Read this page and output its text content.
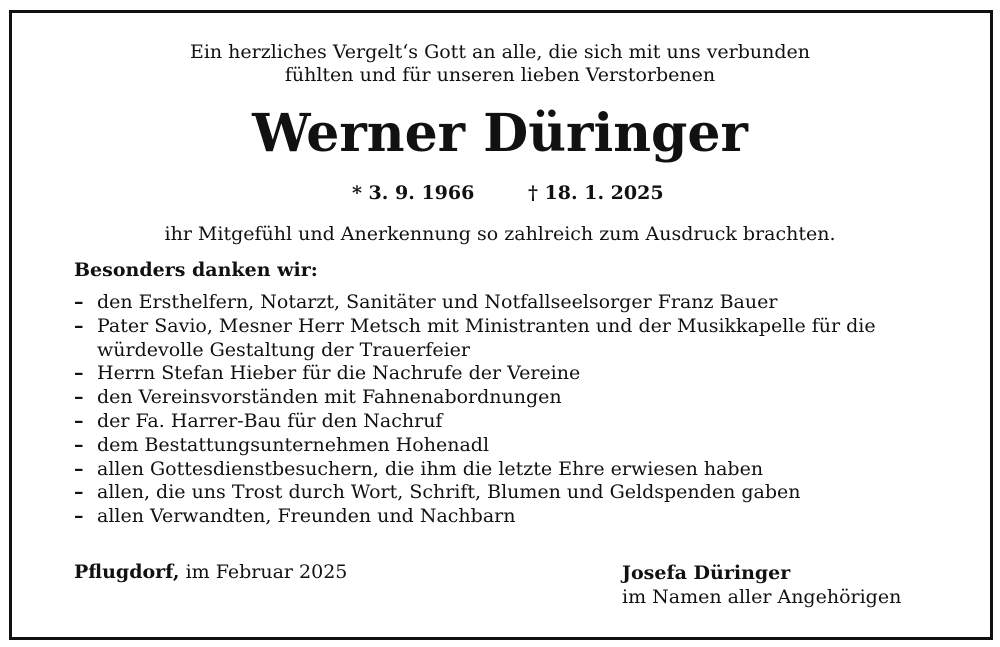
Ein herzliches Vergelt‘s Gott an alle, die sich mit uns verbunden
fühlten und für unseren lieben Verstorbenen
Werner Düringer
* 3. 9. 1966	† 18. 1. 2025
ihr Mitgefühl und Anerkennung so zahlreich zum Ausdruck brachten.
Besonders danken wir:
– den Ersthelfern, Notarzt, Sanitäter und Notfallseelsorger Franz Bauer
– Pater Savio, Mesner Herr Metsch mit Ministranten und der Musikkapelle für die würdevolle Gestaltung der Trauerfeier
– Herrn Stefan Hieber für die Nachrufe der Vereine
– den Vereinsvorständen mit Fahnenabordnungen
– der Fa. Harrer-Bau für den Nachruf
– dem Bestattungsunternehmen Hohenadl
– allen Gottesdienstbesuchern, die ihm die letzte Ehre erwiesen haben
– allen, die uns Trost durch Wort, Schrift, Blumen und Geldspenden gaben
– allen Verwandten, Freunden und Nachbarn
Pflugdorf, im Februar 2025	Josefa Düringer
im Namen aller Angehörigen
